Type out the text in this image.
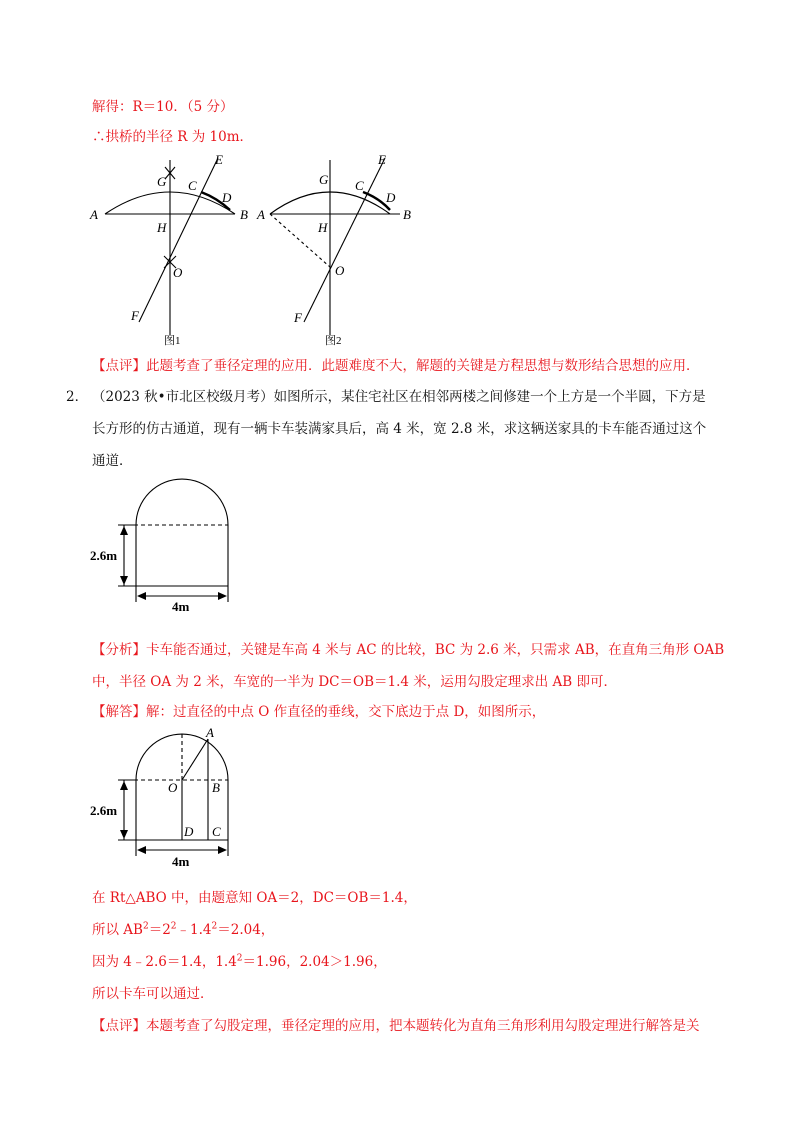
解得：R＝10．（5 分）
∴拱桥的半径 R 为 10m．
A	B
C
D
E
F
G
H
O
A	B
C
D
E
F
G
H
O
图1	图2
【点评】此题考查了垂径定理的应用．此题难度不大，解题的关键是方程思想与数形结合思想的应用．
2． （2023 秋•市北区校级月考）如图所示，某住宅社区在相邻两楼之间修建一个上方是一个半圆，下方是
长方形的仿古通道，现有一辆卡车装满家具后，高 4 米，宽 2.8 米，求这辆送家具的卡车能否通过这个
通道．
2.6m
4m
【分析】卡车能否通过，关键是车高 4 米与 AC 的比较，BC 为 2.6 米，只需求 AB，在直角三角形 OAB
中，半径 OA 为 2 米，车宽的一半为 DC＝OB＝1.4 米，运用勾股定理求出 AB 即可．
【解答】解：过直径的中点 O 作直径的垂线，交下底边于点 D，如图所示，
A
B
C
D
O
2.6m
4m
在 Rt△ABO 中，由题意知 OA＝2，DC＝OB＝1.4，
所以 $AB^2=2^2﹣1.4^2=2.04$，
因为 4﹣2.6＝1.4，$1.4^2=1.96$，2.04＞1.96，
所以卡车可以通过．
【点评】本题考查了勾股定理，垂径定理的应用，把本题转化为直角三角形利用勾股定理进行解答是关
